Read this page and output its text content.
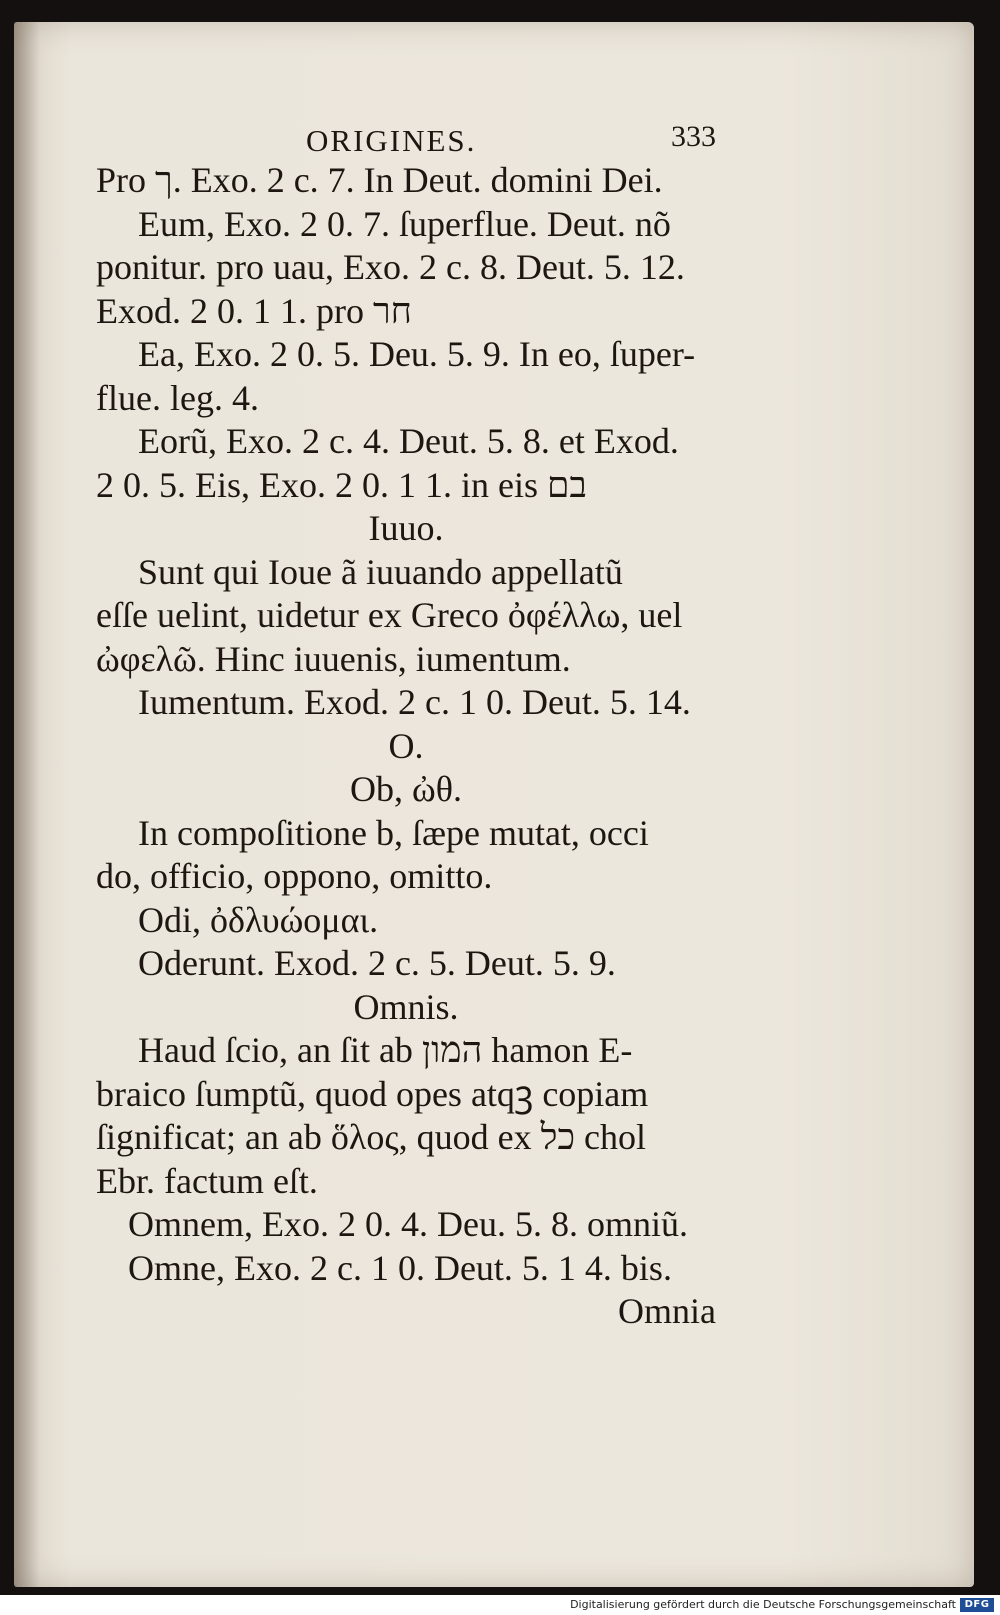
ORIGINES.	333
Pro ך. Exo. 2 c. 7. In Deut. domini Dei.
Eum, Exo. 2 0. 7. ſuperflue. Deut. nõ
ponitur. pro uau, Exo. 2 c. 8. Deut. 5. 12.
Exod. 2 0. 1 1. pro חר
Ea, Exo. 2 0. 5. Deu. 5. 9. In eo, ſuper-
flue. leg. 4.
Eorũ, Exo. 2 c. 4. Deut. 5. 8. et Exod.
2 0. 5. Eis, Exo. 2 0. 1 1. in eis בם
Iuuo.
Sunt qui Ioue ã iuuando appellatũ
eſſe uelint, uidetur ex Greco ὀφέλλω, uel
ὠφελῶ. Hinc iuuenis, iumentum.
Iumentum. Exod. 2 c. 1 0. Deut. 5. 14.
O.
Ob, ὠθ.
In compoſitione b, ſæpe mutat, occi
do, officio, oppono, omitto.
Odi, ὀδλυώομαι.
Oderunt. Exod. 2 c. 5. Deut. 5. 9.
Omnis.
Haud ſcio, an ſit ab המון hamon E-
braico ſumptũ, quod opes atqꝫ copiam
ſignificat; an ab ὅλος, quod ex כל chol
Ebr. factum eſt.
Omnem, Exo. 2 0. 4. Deu. 5. 8. omniũ.
Omne, Exo. 2 c. 1 0. Deut. 5. 1 4. bis.
Omnia
Digitalisierung gefördert durch die Deutsche Forschungsgemeinschaft DFG
